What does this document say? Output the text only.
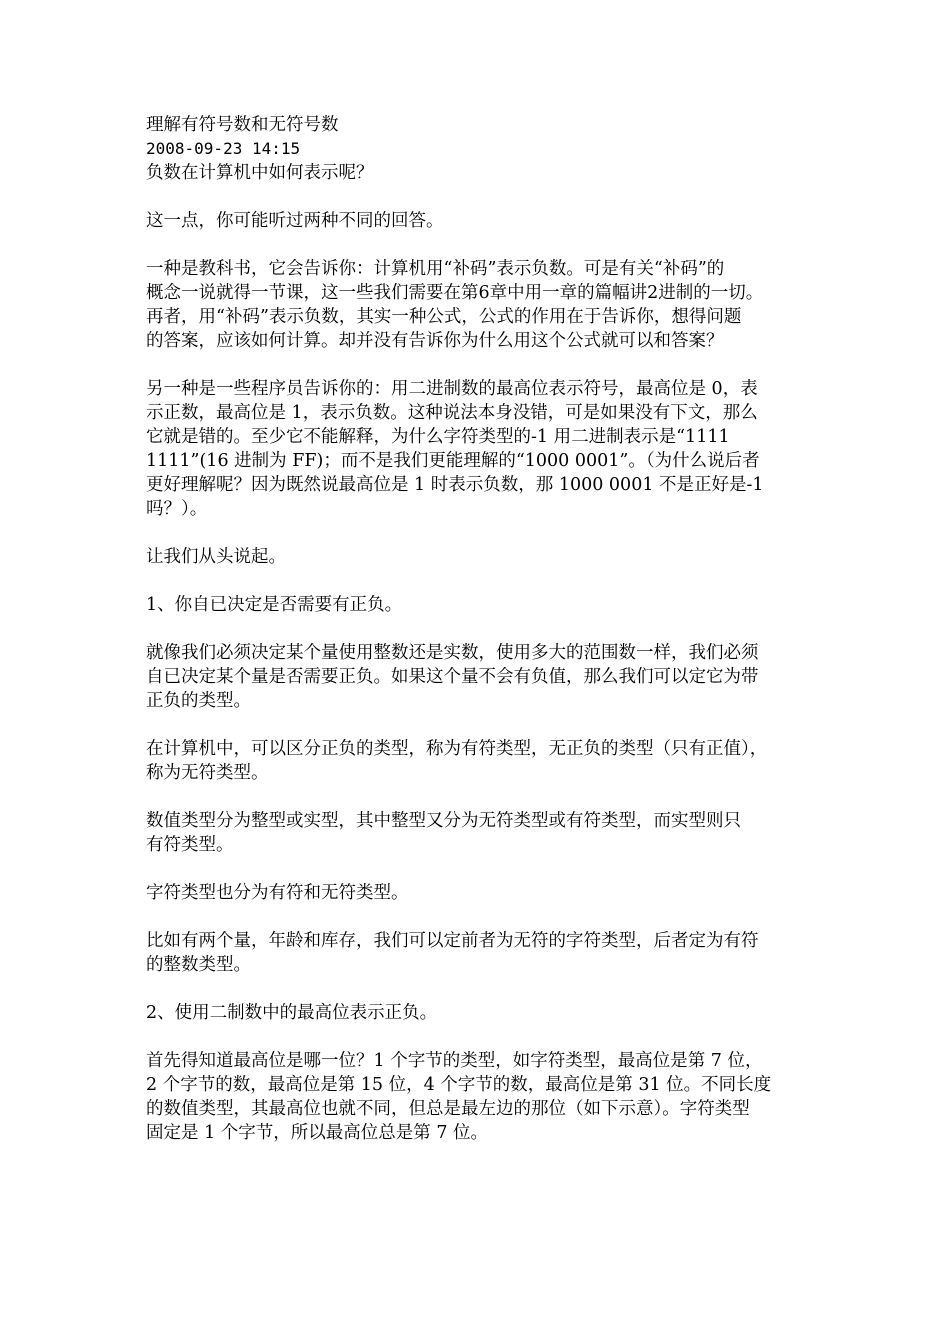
理解有符号数和无符号数

2008-09-23 14:15

负数在计算机中如何表示呢？

这一点，你可能听过两种不同的回答。

一种是教科书，它会告诉你：计算机用“补码”表示负数。可是有关“补码”的
概念一说就得一节课，这一些我们需要在第6章中用一章的篇幅讲2进制的一切。
再者，用“补码”表示负数，其实一种公式，公式的作用在于告诉你，想得问题
的答案，应该如何计算。却并没有告诉你为什么用这个公式就可以和答案？

另一种是一些程序员告诉你的：用二进制数的最高位表示符号，最高位是 0，表
示正数，最高位是 1，表示负数。这种说法本身没错，可是如果没有下文，那么
它就是错的。至少它不能解释，为什么字符类型的-1 用二进制表示是“1111
1111”(16 进制为 FF)；而不是我们更能理解的“1000 0001”。（为什么说后者
更好理解呢？因为既然说最高位是 1 时表示负数，那 1000 0001 不是正好是-1
吗？）。

让我们从头说起。

1、你自已决定是否需要有正负。

就像我们必须决定某个量使用整数还是实数，使用多大的范围数一样，我们必须
自已决定某个量是否需要正负。如果这个量不会有负值，那么我们可以定它为带
正负的类型。

在计算机中，可以区分正负的类型，称为有符类型，无正负的类型（只有正值），
称为无符类型。

数值类型分为整型或实型，其中整型又分为无符类型或有符类型，而实型则只
有符类型。

字符类型也分为有符和无符类型。

比如有两个量，年龄和库存，我们可以定前者为无符的字符类型，后者定为有符
的整数类型。

2、使用二制数中的最高位表示正负。

首先得知道最高位是哪一位？1 个字节的类型，如字符类型，最高位是第 7 位，
2 个字节的数，最高位是第 15 位，4 个字节的数，最高位是第 31 位。不同长度
的数值类型，其最高位也就不同，但总是最左边的那位（如下示意）。字符类型
固定是 1 个字节，所以最高位总是第 7 位。
